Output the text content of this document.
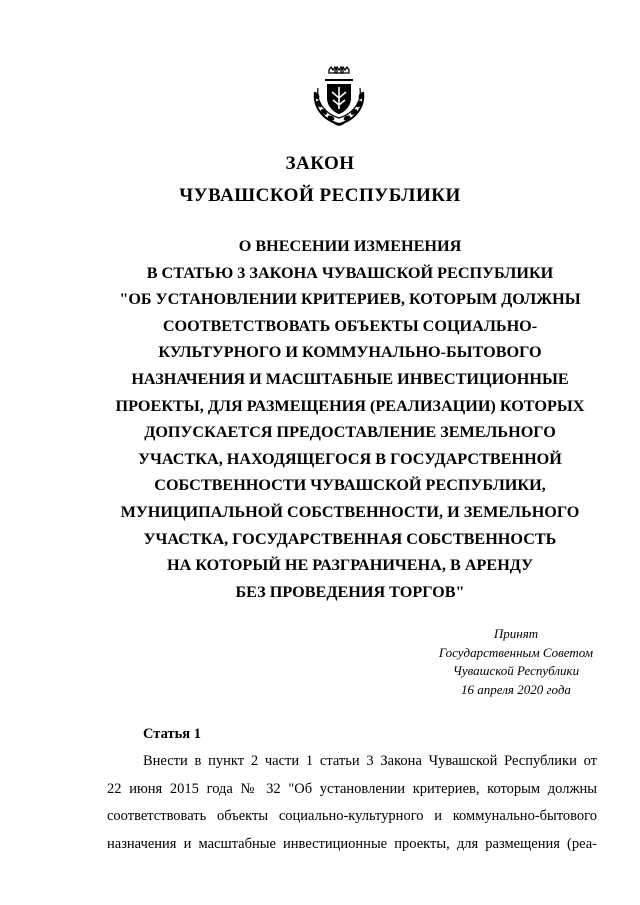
ЗАКОН
ЧУВАШСКОЙ РЕСПУБЛИКИ
О ВНЕСЕНИИ ИЗМЕНЕНИЯ
В СТАТЬЮ 3 ЗАКОНА ЧУВАШСКОЙ РЕСПУБЛИКИ
"ОБ УСТАНОВЛЕНИИ КРИТЕРИЕВ, КОТОРЫМ ДОЛЖНЫ
СООТВЕТСТВОВАТЬ ОБЪЕКТЫ СОЦИАЛЬНО-
КУЛЬТУРНОГО И КОММУНАЛЬНО-БЫТОВОГО
НАЗНАЧЕНИЯ И МАСШТАБНЫЕ ИНВЕСТИЦИОННЫЕ
ПРОЕКТЫ, ДЛЯ РАЗМЕЩЕНИЯ (РЕАЛИЗАЦИИ) КОТОРЫХ
ДОПУСКАЕТСЯ ПРЕДОСТАВЛЕНИЕ ЗЕМЕЛЬНОГО
УЧАСТКА, НАХОДЯЩЕГОСЯ В ГОСУДАРСТВЕННОЙ
СОБСТВЕННОСТИ ЧУВАШСКОЙ РЕСПУБЛИКИ,
МУНИЦИПАЛЬНОЙ СОБСТВЕННОСТИ, И ЗЕМЕЛЬНОГО
УЧАСТКА, ГОСУДАРСТВЕННАЯ СОБСТВЕННОСТЬ
НА КОТОРЫЙ НЕ РАЗГРАНИЧЕНА, В АРЕНДУ
БЕЗ ПРОВЕДЕНИЯ ТОРГОВ"
Принят
Государственным Советом
Чувашской Республики
16 апреля 2020 года
Статья 1
Внести в пункт 2 части 1 статьи 3 Закона Чувашской Республики от
22 июня 2015 года № 32 "Об установлении критериев, которым должны
соответствовать объекты социально-культурного и коммунально-бытового
назначения и масштабные инвестиционные проекты, для размещения (реа-
